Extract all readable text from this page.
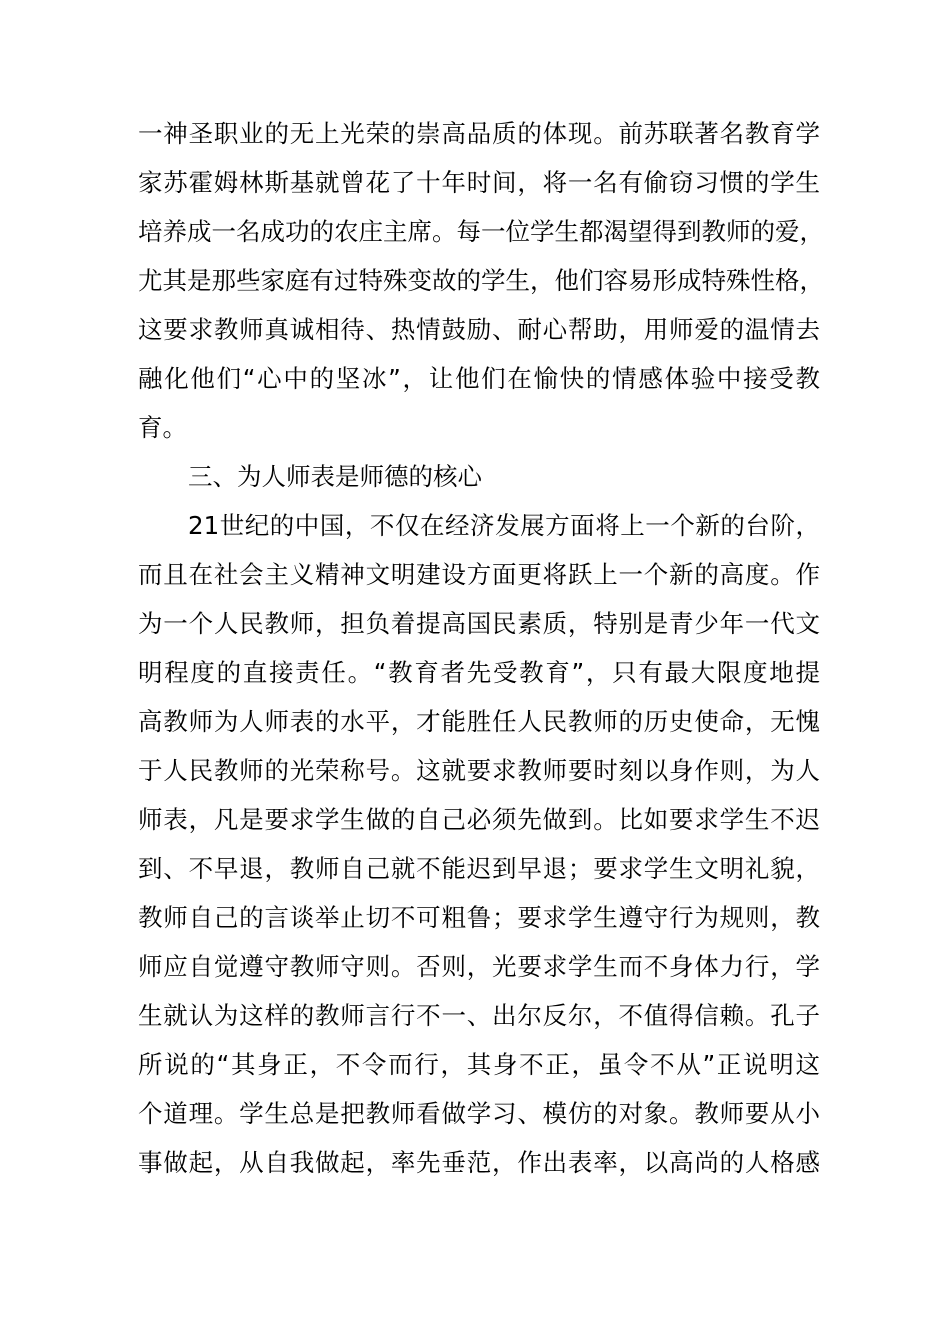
一神圣职业的无上光荣的崇高品质的体现。前苏联著名教育学

家苏霍姆林斯基就曾花了十年时间，将一名有偷窃习惯的学生

培养成一名成功的农庄主席。每一位学生都渴望得到教师的爱，

尤其是那些家庭有过特殊变故的学生，他们容易形成特殊性格，

这要求教师真诚相待、热情鼓励、耐心帮助，用师爱的温情去

融化他们“心中的坚冰”，让他们在愉快的情感体验中接受教

育。

三、为人师表是师德的核心

21世纪的中国，不仅在经济发展方面将上一个新的台阶，

而且在社会主义精神文明建设方面更将跃上一个新的高度。作

为一个人民教师，担负着提高国民素质，特别是青少年一代文

明程度的直接责任。“教育者先受教育”，只有最大限度地提

高教师为人师表的水平，才能胜任人民教师的历史使命，无愧

于人民教师的光荣称号。这就要求教师要时刻以身作则，为人

师表，凡是要求学生做的自己必须先做到。比如要求学生不迟

到、不早退，教师自己就不能迟到早退；要求学生文明礼貌，

教师自己的言谈举止切不可粗鲁；要求学生遵守行为规则，教

师应自觉遵守教师守则。否则，光要求学生而不身体力行，学

生就认为这样的教师言行不一、出尔反尔，不值得信赖。孔子

所说的“其身正，不令而行，其身不正，虽令不从”正说明这

个道理。学生总是把教师看做学习、模仿的对象。教师要从小

事做起，从自我做起，率先垂范，作出表率，以高尚的人格感
